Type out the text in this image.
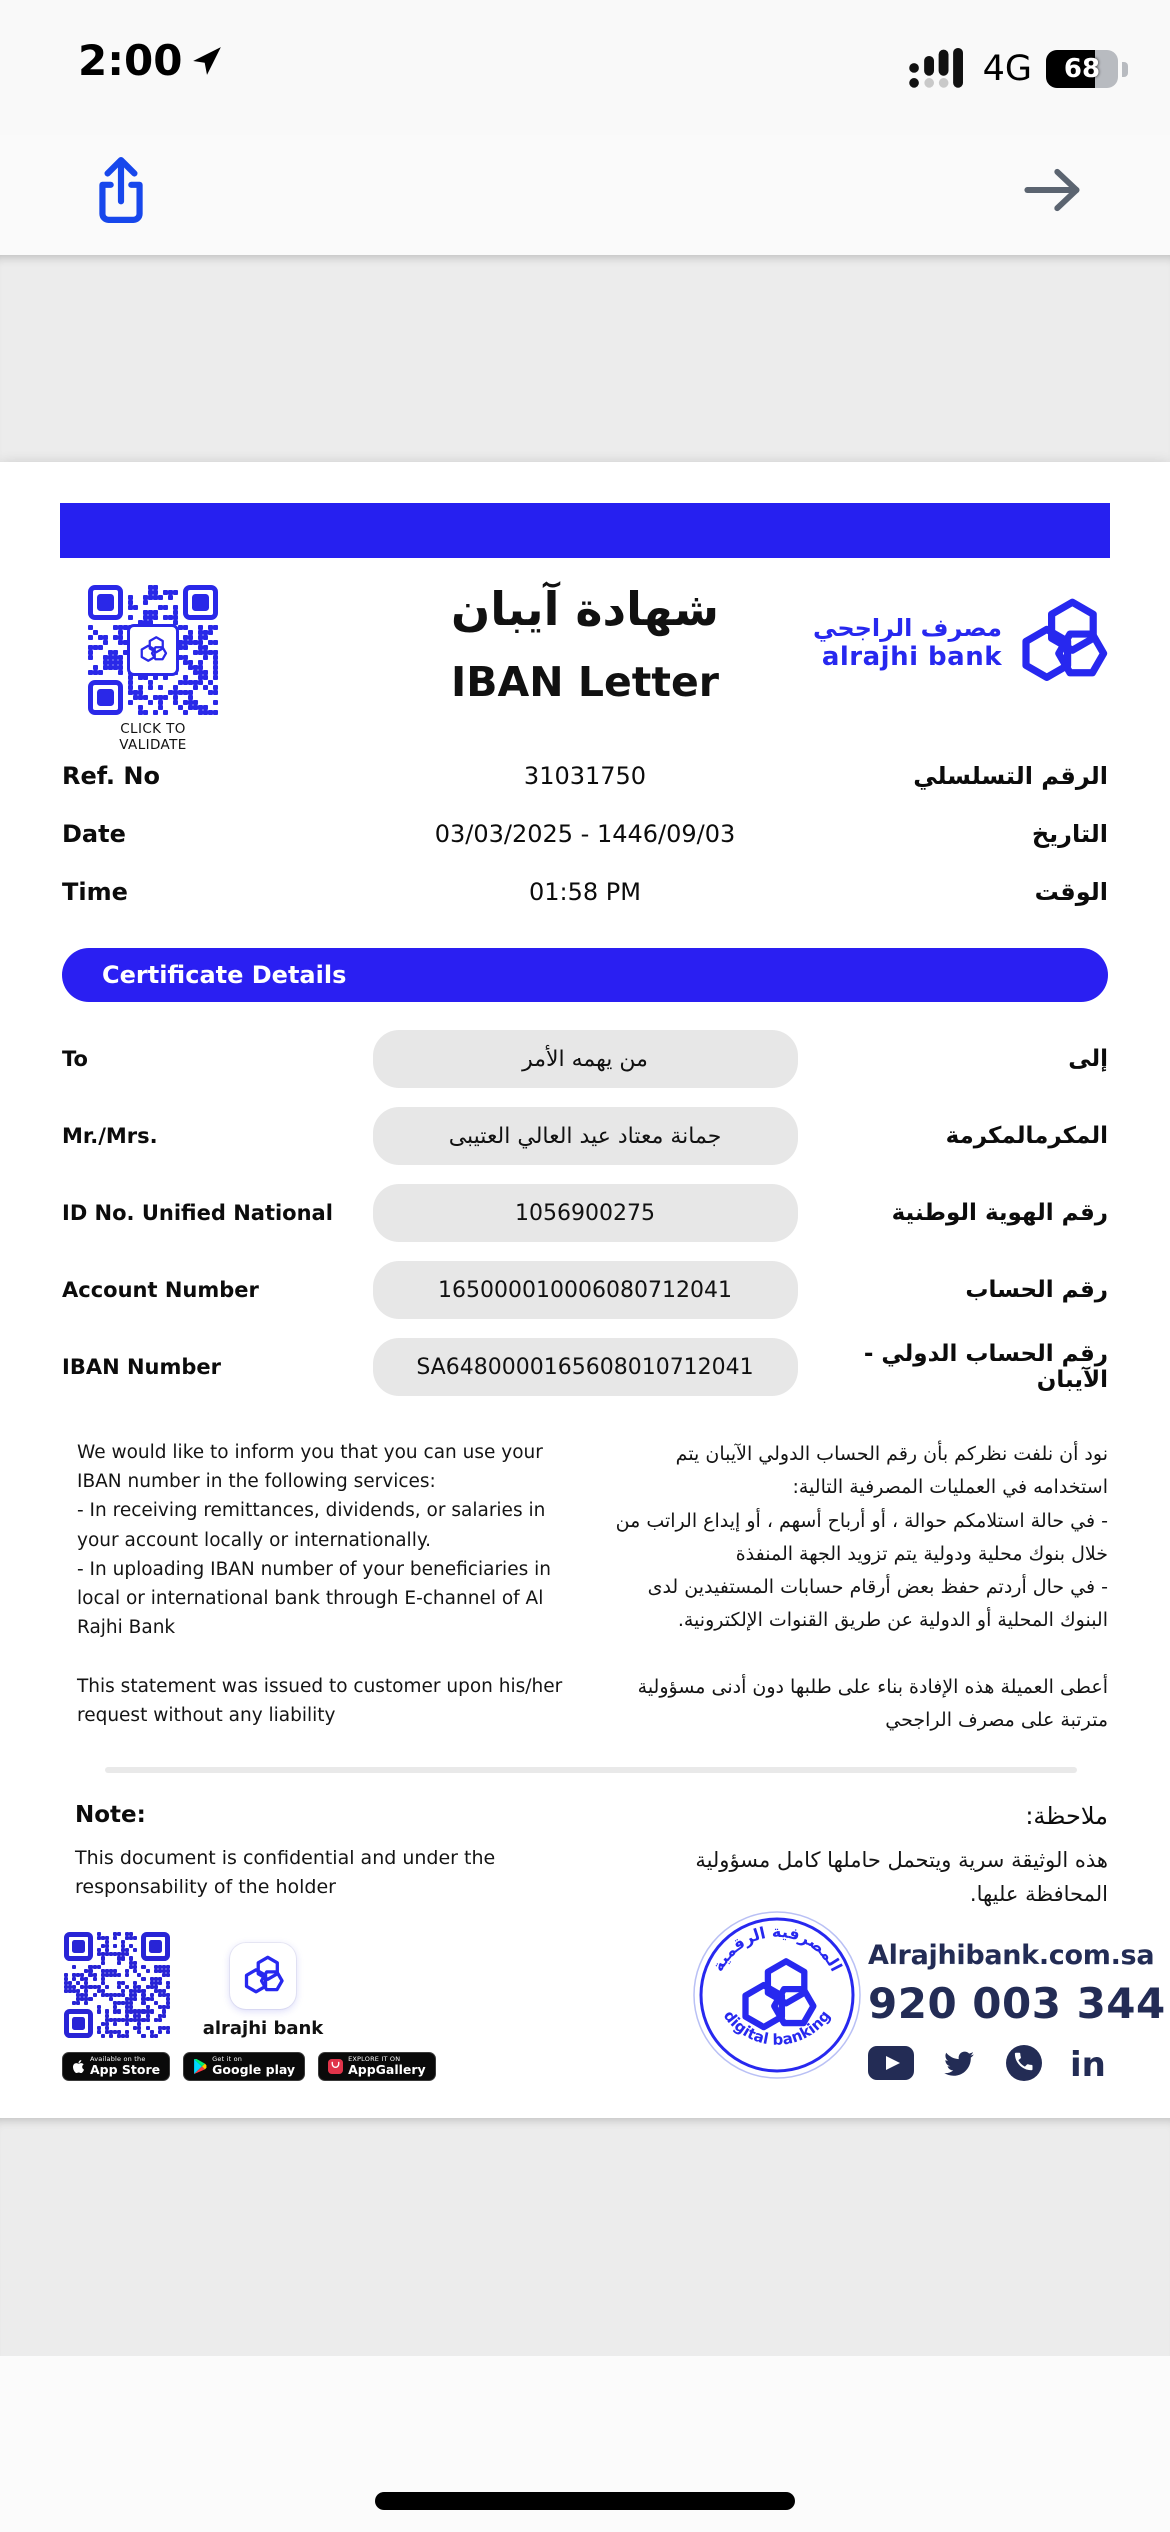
2:00	4G	68
CLICK TO VALIDATE
شهادة آيبان
IBAN Letter
مصرف الراجحي
alrajhi bank
Ref. No	31031750	الرقم التسلسلي
Date	03/03/2025 - 1446/09/03	التاريخ
Time	01:58 PM	الوقت
Certificate Details
To	من يهمه الأمر	إلى
Mr./Mrs.	جمانة معتاد عيد العالي العتيبى	المكرمالمكرمة
ID No. Unified National	1056900275	رقم الهوية الوطنية
Account Number	165000010006080712041	رقم الحساب
IBAN Number	SA6480000165608010712041	رقم الحساب الدولي - الآيبان
We would like to inform you that you can use your IBAN number in the following services:
- In receiving remittances, dividends, or salaries in your account locally or internationally.
- In uploading IBAN number of your beneficiaries in local or international bank through E-channel of Al Rajhi Bank

This statement was issued to customer upon his/her request without any liability
نود أن نلفت نظركم بأن رقم الحساب الدولي الآيبان يتم استخدامه في العمليات المصرفية التالية:
- في حالة استلامكم حوالة ، أو أرباح أسهم ، أو إيداع الراتب من خلال بنوك محلية ودولية يتم تزويد الجهة المنفذة
- في حال أردتم حفظ بعض أرقام حسابات المستفيدين لدى البنوك المحلية أو الدولية عن طريق القنوات الإلكترونية.

أعطى العميلة هذه الإفادة بناء على طلبها دون أدنى مسؤولية مترتبة على مصرف الراجحي
Note:	ملاحظة:
This document is confidential and under the responsability of the holder
هذه الوثيقة سرية ويتحمل حاملها كامل مسؤولية المحافظة عليها.
alrajhi bank
Available on the
App Store
Get it on
Google play
EXPLORE IT ON
AppGallery
المصرفية الرقمية
digital banking
Alrajhibank.com.sa
920 003 344
in
